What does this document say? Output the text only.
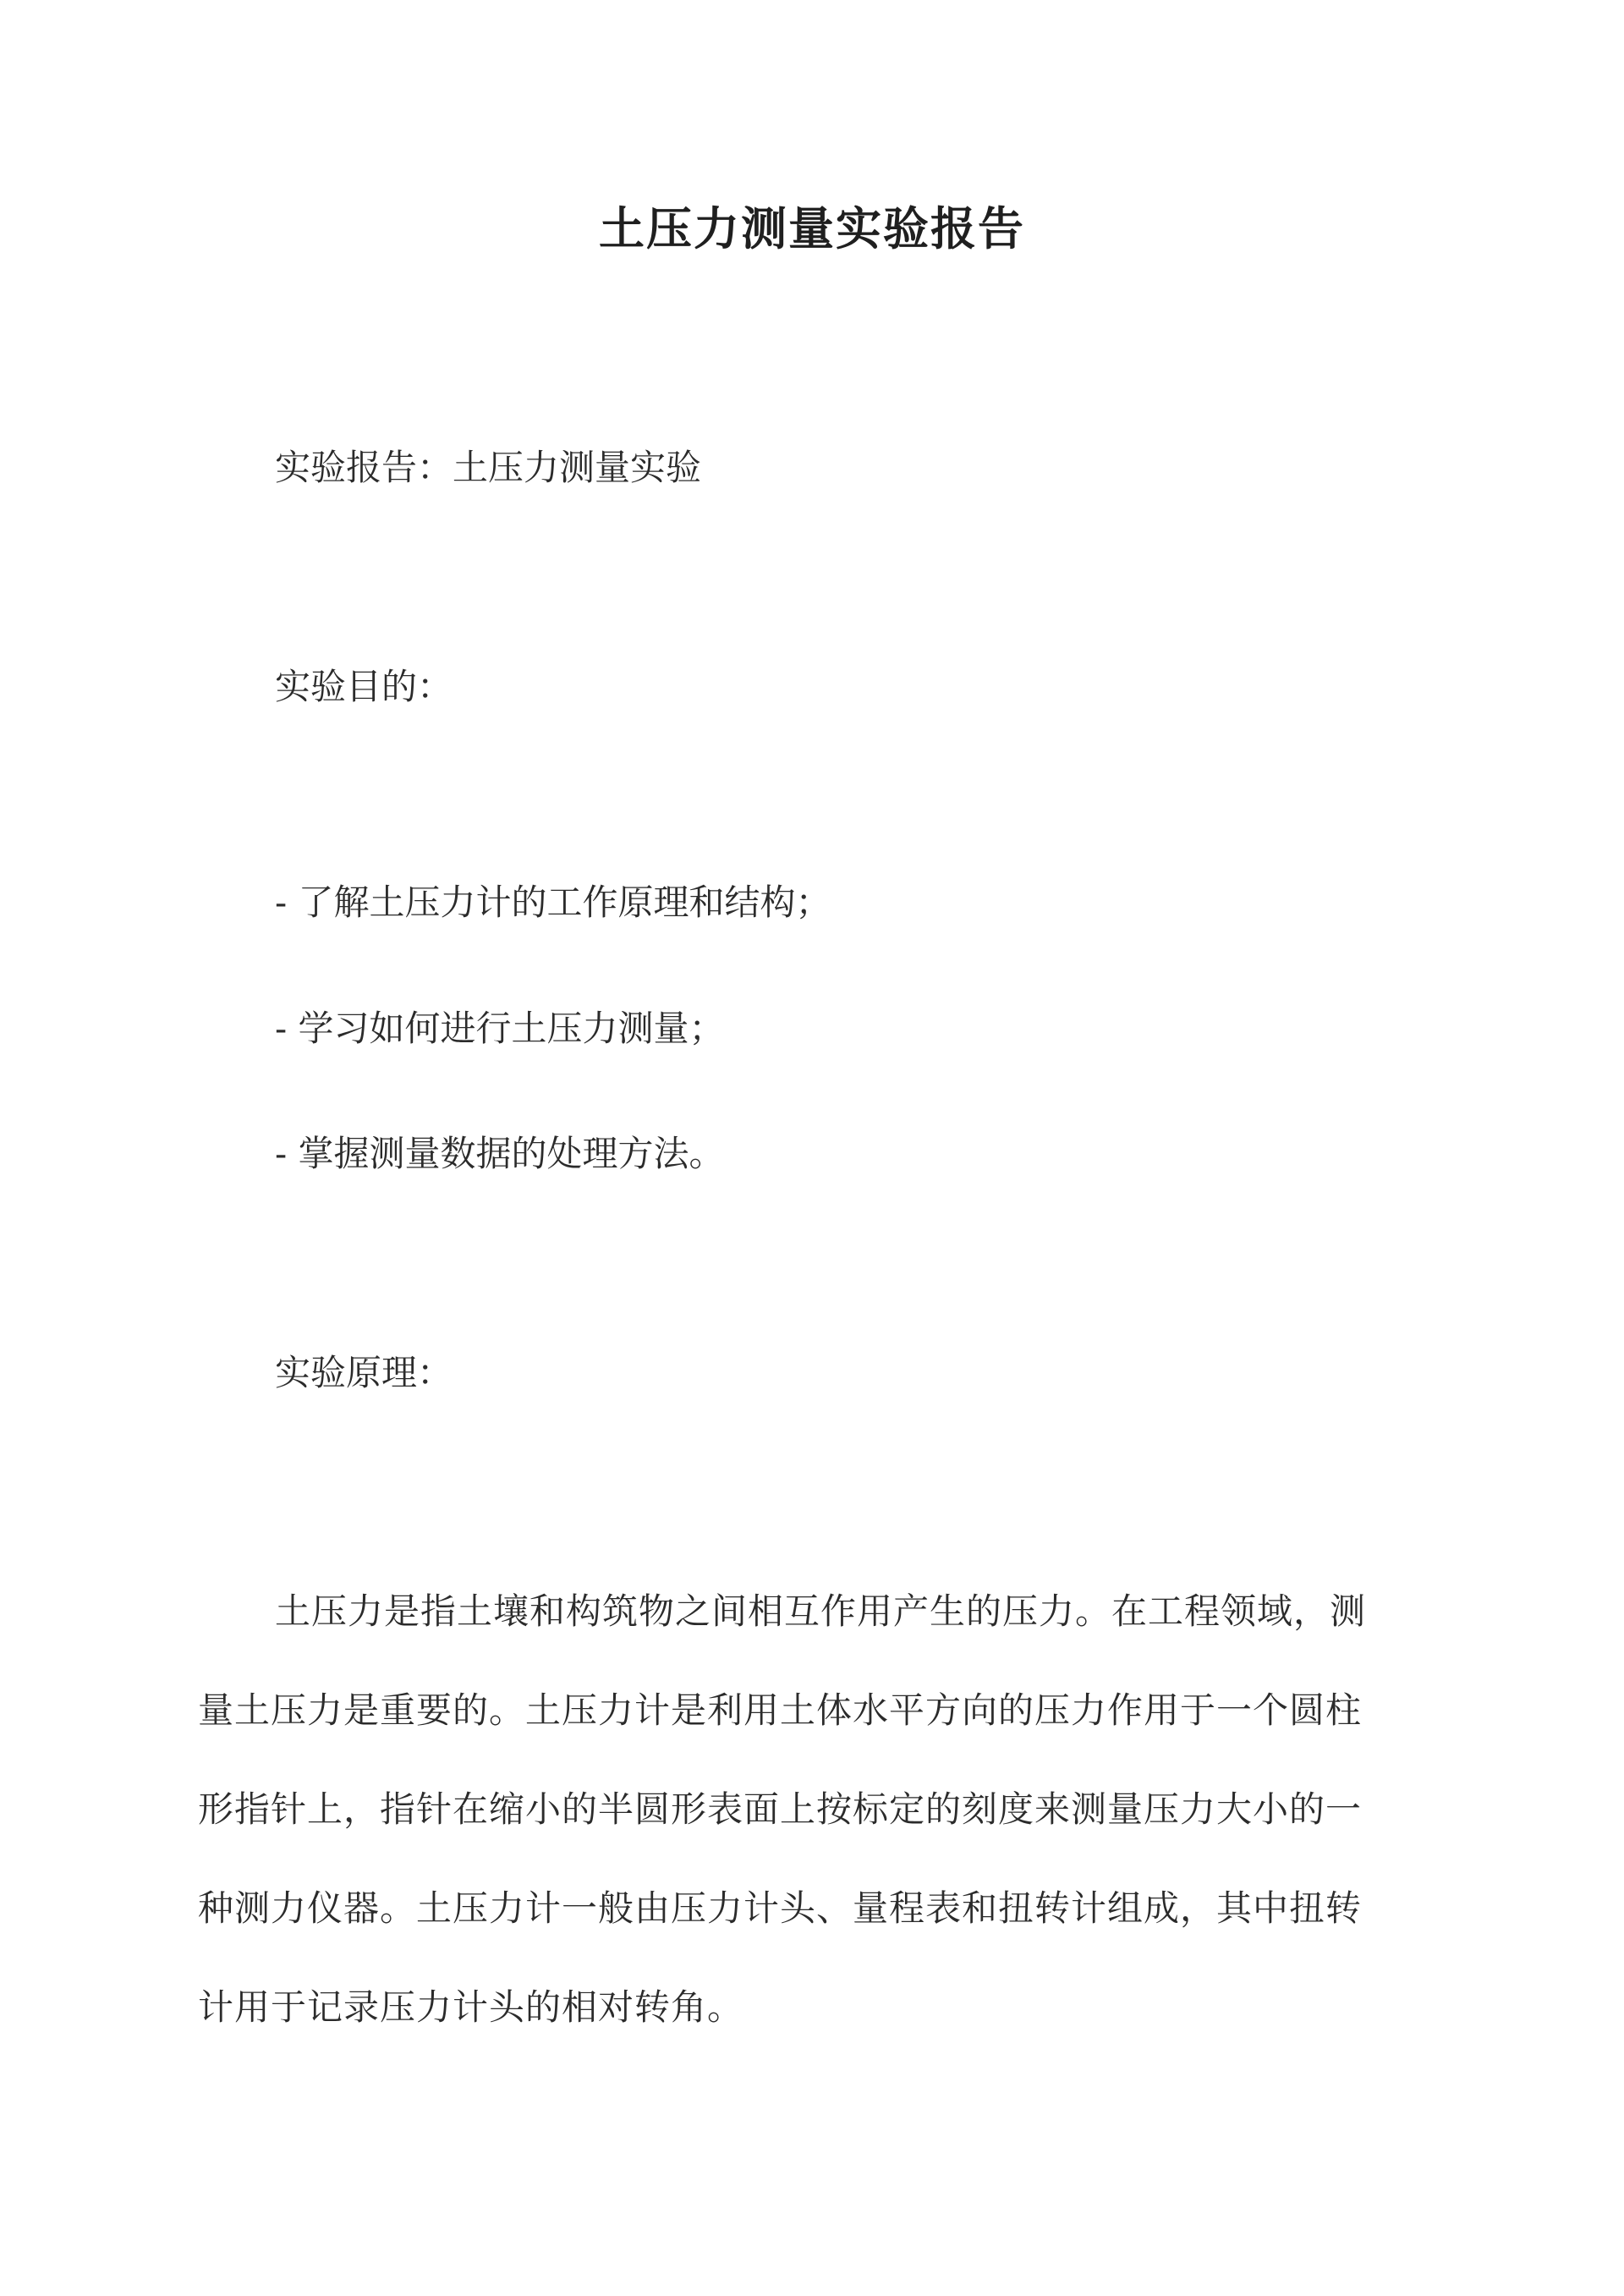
土压力测量实验报告
实验报告：土压力测量实验
实验目的：
- 了解土压力计的工作原理和结构；
- 学习如何进行土压力测量；
- 掌握测量数据的处理方法。
实验原理：
土压力是指土壤和构筑物之间相互作用产生的压力。在工程领域，测
量土压力是重要的。土压力计是利用土体水平方向的压力作用于一个圆柱
形指针上，指针在缩小的半圆形表面上按标定的刻度来测量压力大小的一
种测力仪器。土压力计一般由压力计头、量程表和扭转计组成，其中扭转
计用于记录压力计头的相对转角。
